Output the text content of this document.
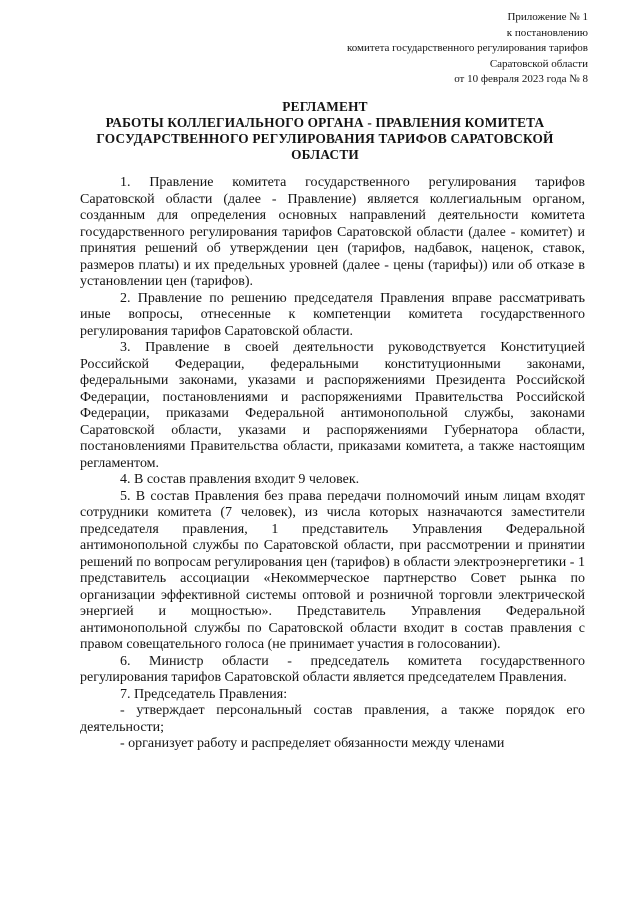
Приложение № 1
к постановлению
комитета государственного регулирования тарифов
Саратовской области
от 10 февраля 2023 года № 8
РЕГЛАМЕНТ
РАБОТЫ КОЛЛЕГИАЛЬНОГО ОРГАНА - ПРАВЛЕНИЯ КОМИТЕТА
ГОСУДАРСТВЕННОГО РЕГУЛИРОВАНИЯ ТАРИФОВ САРАТОВСКОЙ
ОБЛАСТИ

1. Правление комитета государственного регулирования тарифов Саратовской области (далее - Правление) является коллегиальным органом, созданным для определения основных направлений деятельности комитета государственного регулирования тарифов Саратовской области (далее - комитет) и принятия решений об утверждении цен (тарифов, надбавок, наценок, ставок, размеров платы) и их предельных уровней (далее - цены (тарифы)) или об отказе в установлении цен (тарифов).

2. Правление по решению председателя Правления вправе рассматривать иные вопросы, отнесенные к компетенции комитета государственного регулирования тарифов Саратовской области.

3. Правление в своей деятельности руководствуется Конституцией Российской Федерации, федеральными конституционными законами, федеральными законами, указами и распоряжениями Президента Российской Федерации, постановлениями и распоряжениями Правительства Российской Федерации, приказами Федеральной антимонопольной службы, законами Саратовской области, указами и распоряжениями Губернатора области, постановлениями Правительства области, приказами комитета, а также настоящим регламентом.

4. В состав правления входит 9 человек.

5. В состав Правления без права передачи полномочий иным лицам входят сотрудники комитета (7 человек), из числа которых назначаются заместители председателя правления, 1 представитель Управления Федеральной антимонопольной службы по Саратовской области, при рассмотрении и принятии решений по вопросам регулирования цен (тарифов) в области электроэнергетики - 1 представитель ассоциации «Некоммерческое партнерство Совет рынка по организации эффективной системы оптовой и розничной торговли электрической энергией и мощностью». Представитель Управления Федеральной антимонопольной службы по Саратовской области входит в состав правления с правом совещательного голоса (не принимает участия в голосовании).

6. Министр области - председатель комитета государственного регулирования тарифов Саратовской области является председателем Правления.

7. Председатель Правления:

- утверждает персональный состав правления, а также порядок его деятельности;

- организует работу и распределяет обязанности между членами
